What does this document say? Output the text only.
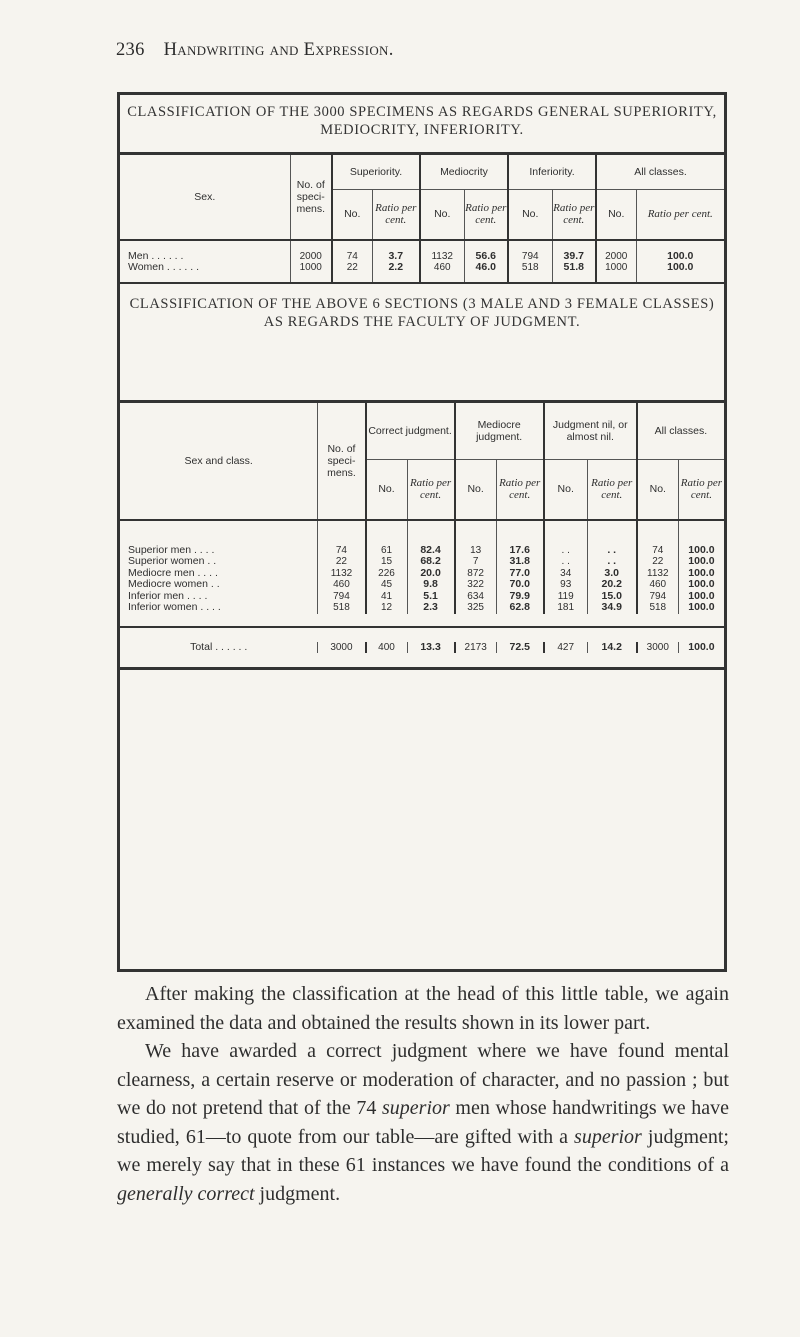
236 Handwriting and Expression.
CLASSIFICATION OF THE 3000 SPECIMENS AS REGARDS GENERAL SUPERIORITY, MEDIOCRITY, INFERIORITY.
Sex.	No. of speci-mens.	Superiority.		Mediocrity		Inferiority.		All classes.	
		No.	Ratio per cent.	No.	Ratio per cent.	No.	Ratio per cent.	No.	Ratio per cent.
Men . . . . . .	2000	74	3.7	1132	56.6	794	39.7	2000	100.0
Women . . . . . .	1000	22	2.2	460	46.0	518	51.8	1000	100.0

CLASSIFICATION OF THE ABOVE 6 SECTIONS (3 MALE AND 3 FEMALE CLASSES) AS REGARDS THE FACULTY OF JUDGMENT.
Sex and class.	No. of speci-mens.	Correct judgment.		Mediocre judgment.		Judgment nil, or almost nil.		All classes.	
		No.	Ratio per cent.	No.	Ratio per cent.	No.	Ratio per cent.	No.	Ratio per cent.
Superior men . . . .	74	61	82.4	13	17.6	. .	. .	74	100.0
Superior women . .	22	15	68.2	7	31.8	. .	. .	22	100.0
Mediocre men . . . .	1132	226	20.0	872	77.0	34	3.0	1132	100.0
Mediocre women . .	460	45	9.8	322	70.0	93	20.2	460	100.0
Inferior men . . . .	794	41	5.1	634	79.9	119	15.0	794	100.0
Inferior women . . . .	518	12	2.3	325	62.8	181	34.9	518	100.0

Total . . . . . .	3000	400	13.3	2173	72.5	427	14.2	3000	100.0

After making the classification at the head of this little table, we again examined the data and obtained the results shown in its lower part.

We have awarded a correct judgment where we have found mental clearness, a certain reserve or moderation of character, and no passion ; but we do not pretend that of the 74 superior men whose handwritings we have studied, 61—to quote from our table—are gifted with a superior judgment; we merely say that in these 61 instances we have found the conditions of a generally correct judgment.
